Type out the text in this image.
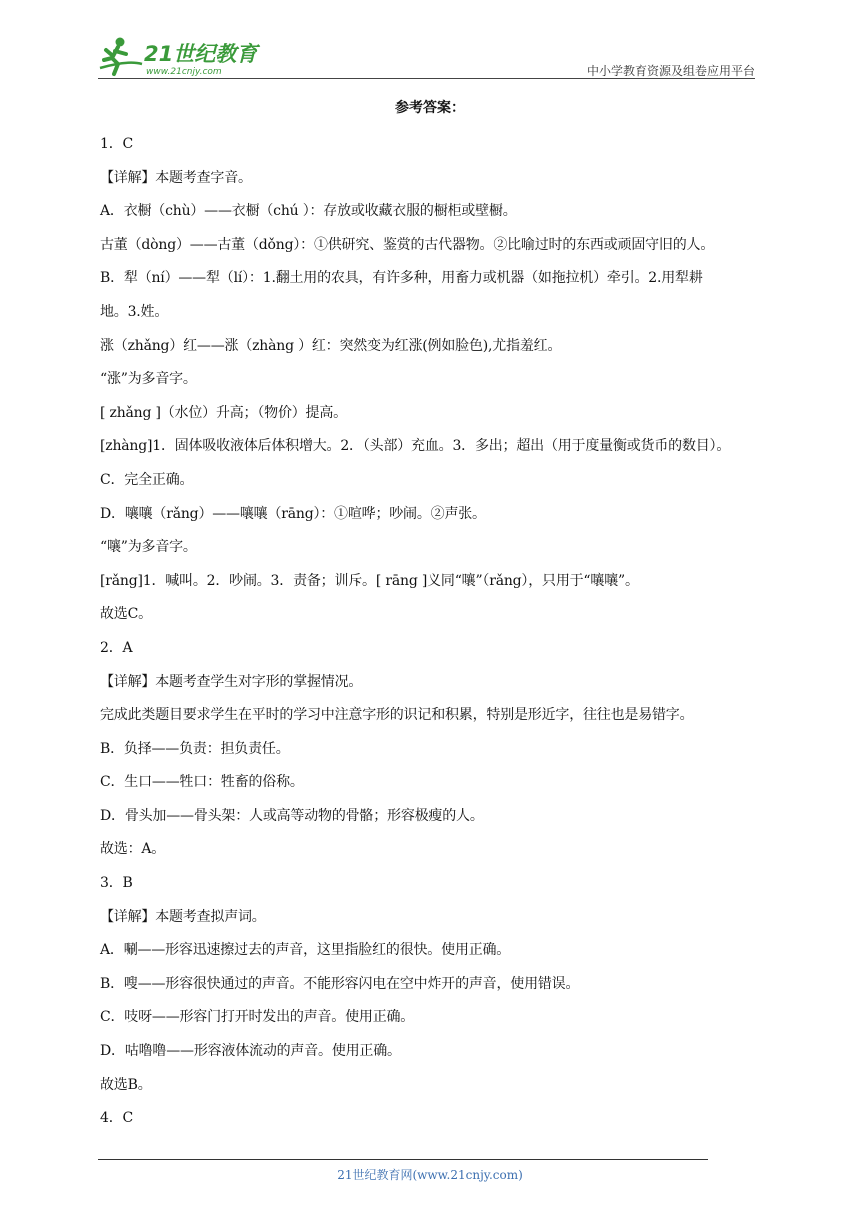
21世纪教育
www.21cnjy.com	中小学教育资源及组卷应用平台
参考答案：
1．C
【详解】本题考查字音。
A．衣橱（chù）——衣橱（chú ）：存放或收藏衣服的橱柜或壁橱。
古董（dòng）——古董（dǒng）：①供研究、鉴赏的古代器物。②比喻过时的东西或顽固守旧的人。
B．犁（ní）——犁（lí）：1.翻土用的农具，有许多种，用畜力或机器（如拖拉机）牵引。2.用犁耕
地。3.姓。
涨（zhǎng）红——涨（zhàng ）红：突然变为红涨(例如脸色),尤指羞红。
“涨”为多音字。
[ zhǎng ]（水位）升高；（物价）提高。
[zhàng]1．固体吸收液体后体积增大。2．（头部）充血。3．多出；超出（用于度量衡或货币的数目）。
C．完全正确。
D．嚷嚷（rǎng）——嚷嚷（rāng）：①喧哗；吵闹。②声张。
“嚷”为多音字。
[rǎng]1．喊叫。2．吵闹。3．责备；训斥。[ rāng ]义同“嚷”（rǎng），只用于“嚷嚷”。
故选C。
2．A
【详解】本题考查学生对字形的掌握情况。
完成此类题目要求学生在平时的学习中注意字形的识记和积累，特别是形近字，往往也是易错字。
B．负择——负责：担负责任。
C．生口——牲口：牲畜的俗称。
D．骨头加——骨头架：人或高等动物的骨骼；形容极瘦的人。
故选：A。
3．B
【详解】本题考查拟声词。
A．唰——形容迅速擦过去的声音，这里指脸红的很快。使用正确。
B．嗖——形容很快通过的声音。不能形容闪电在空中炸开的声音，使用错误。
C．吱呀——形容门打开时发出的声音。使用正确。
D．咕噜噜——形容液体流动的声音。使用正确。
故选B。
4．C
21世纪教育网(www.21cnjy.com)
